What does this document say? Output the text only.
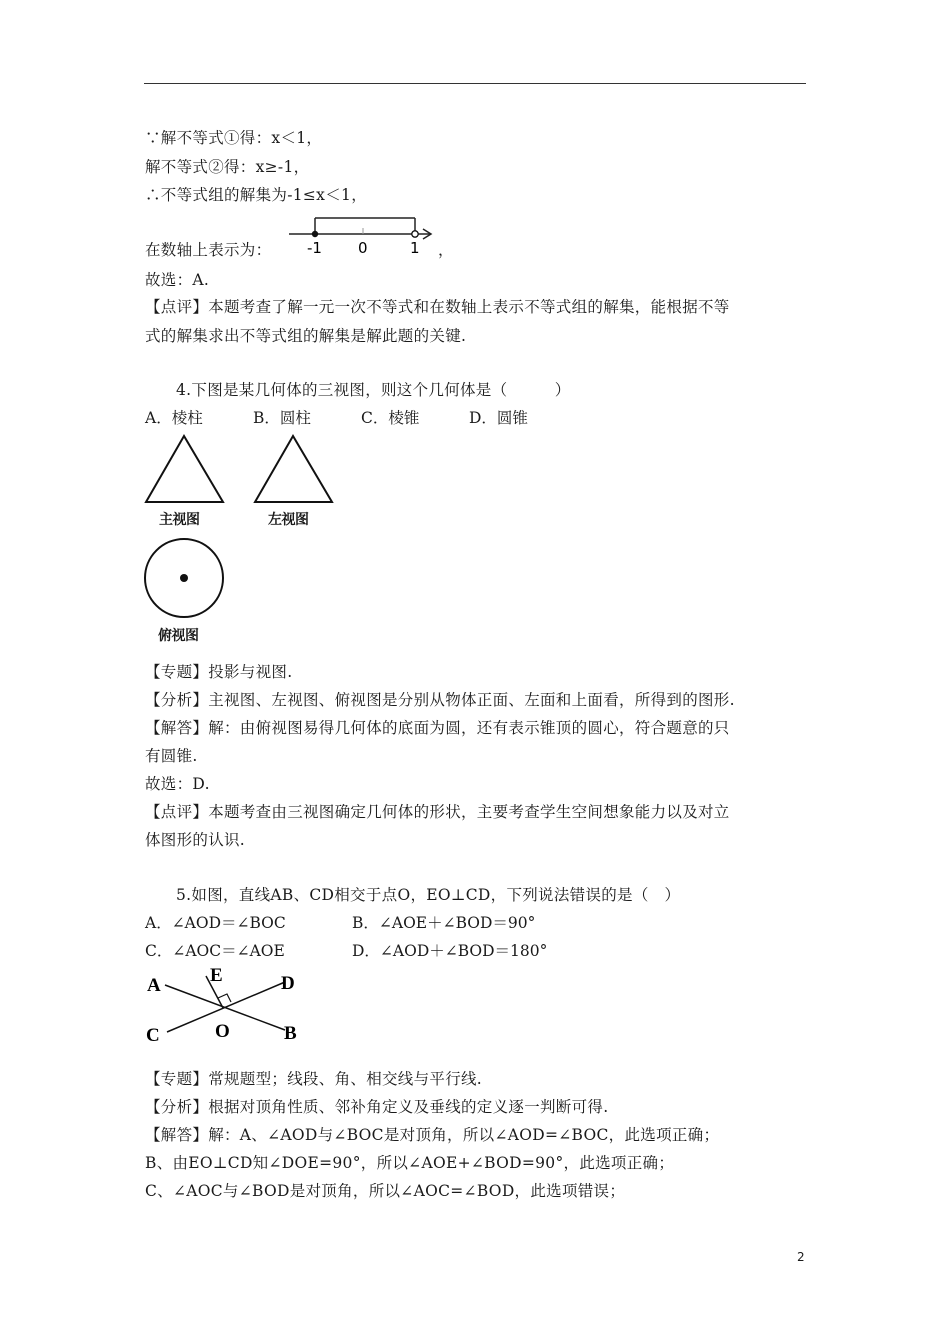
∵解不等式①得：x＜1，
解不等式②得：x≥-1，
∴不等式组的解集为-1≤x＜1，
在数轴上表示为： -1 0	1 ，
故选：A.
【点评】本题考查了解一元一次不等式和在数轴上表示不等式组的解集，能根据不等
式的解集求出不等式组的解集是解此题的关键.
4.下图是某几何体的三视图，则这个几何体是（　　　）
A．棱柱	B．圆柱	C．棱锥	D．圆锥
主视图	左视图
俯视图
【专题】投影与视图.
【分析】主视图、左视图、俯视图是分别从物体正面、左面和上面看，所得到的图形.
【解答】解：由俯视图易得几何体的底面为圆，还有表示锥顶的圆心，符合题意的只
有圆锥.
故选：D.
【点评】本题考查由三视图确定几何体的形状，主要考查学生空间想象能力以及对立
体图形的认识.
5.如图，直线AB、CD相交于点O，EO⊥CD，下列说法错误的是（　）
A．∠AOD＝∠BOC	B．∠AOE＋∠BOD＝90°
C．∠AOC＝∠AOE	D．∠AOD＋∠BOD＝180°
A	E	D
C	O	B
【专题】常规题型；线段、角、相交线与平行线.
【分析】根据对顶角性质、邻补角定义及垂线的定义逐一判断可得.
【解答】解：A、∠AOD与∠BOC是对顶角，所以∠AOD=∠BOC，此选项正确；
B、由EO⊥CD知∠DOE=90°，所以∠AOE+∠BOD=90°，此选项正确；
C、∠AOC与∠BOD是对顶角，所以∠AOC=∠BOD，此选项错误；
2
